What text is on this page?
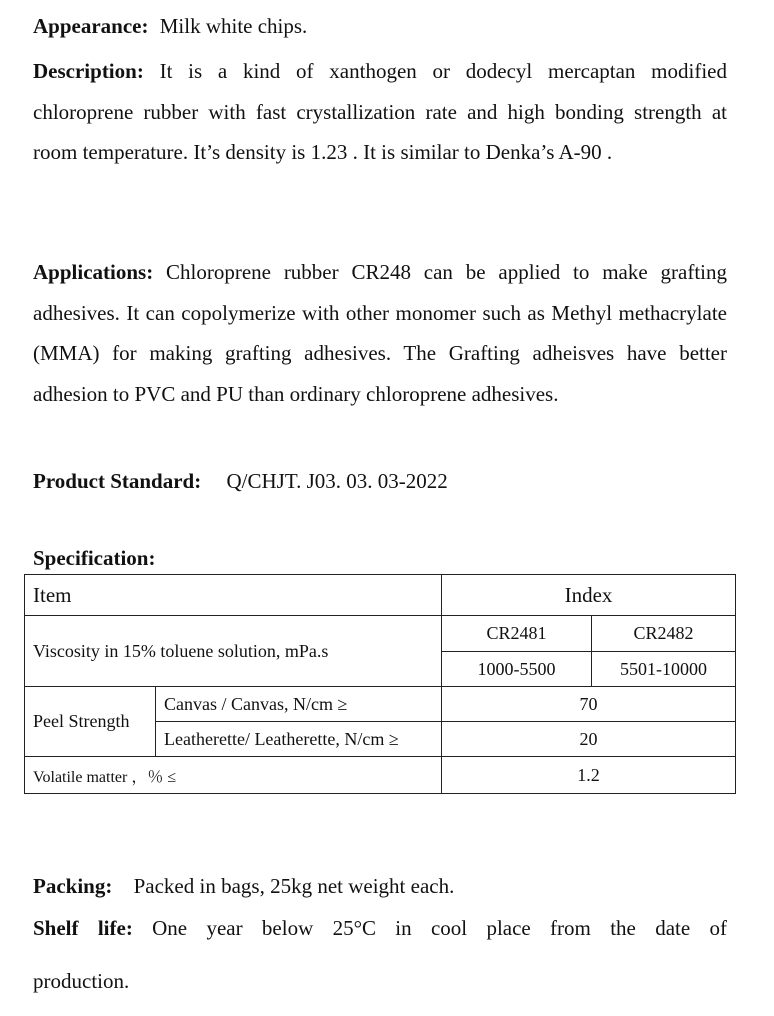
Appearance: Milk white chips.
Description: It is a kind of xanthogen or dodecyl mercaptan modified chloroprene rubber with fast crystallization rate and high bonding strength at room temperature. It’s density is 1.23 . It is similar to Denka’s A-90 .
Applications: Chloroprene rubber CR248 can be applied to make grafting adhesives. It can copolymerize with other monomer such as Methyl methacrylate (MMA) for making grafting adhesives. The Grafting adheisves have better adhesion to PVC and PU than ordinary chloroprene adhesives.
Product Standard: Q/CHJT. J03. 03. 03-2022
Specification:
Item		Index	
Viscosity in 15% toluene solution, mPa.s		CR2481	CR2482
		1000-5500	5501-10000
Peel Strength	Canvas / Canvas, N/cm ≥	70	
	Leatherette/ Leatherette, N/cm ≥	20	
Volatile matter ，％ ≤		1.2	
Packing: Packed in bags, 25kg net weight each.
Shelf life: One year below 25°C in cool place from the date of
production.
